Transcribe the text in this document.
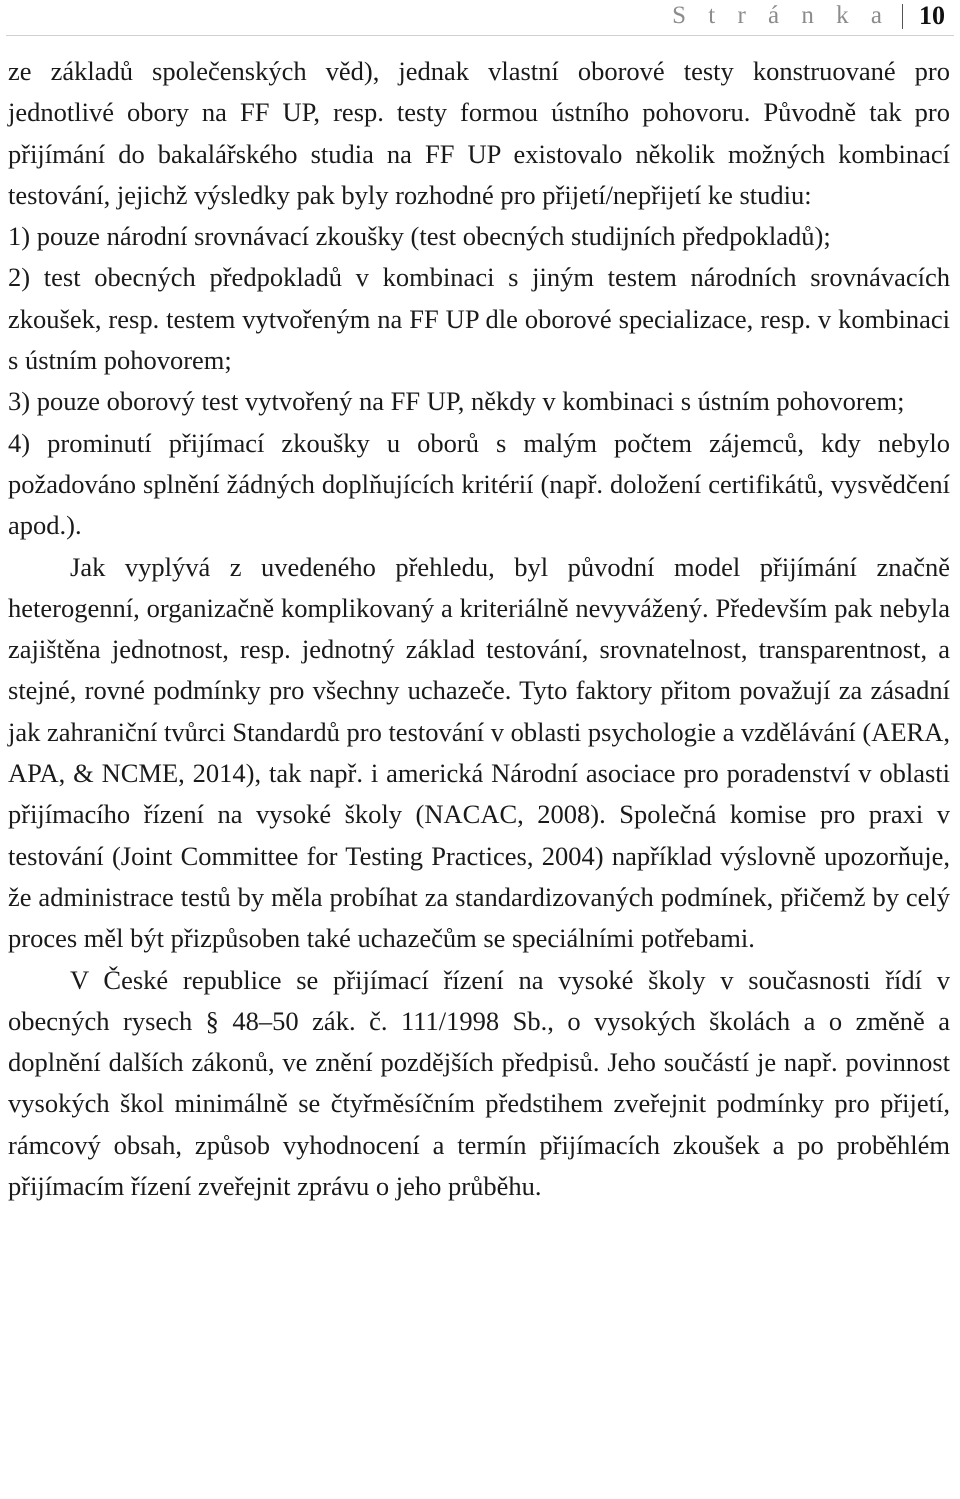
S t r á n k a 10

ze základů společenských věd), jednak vlastní oborové testy konstruované pro jednotlivé obory na FF UP, resp. testy formou ústního pohovoru. Původně tak pro přijímání do bakalářského studia na FF UP existovalo několik možných kombinací testování, jejichž výsledky pak byly rozhodné pro přijetí/nepřijetí ke studiu:

1) pouze národní srovnávací zkoušky (test obecných studijních předpokladů);

2) test obecných předpokladů v kombinaci s jiným testem národních srovnávacích zkoušek, resp. testem vytvořeným na FF UP dle oborové specializace, resp. v kombinaci s ústním pohovorem;

3) pouze oborový test vytvořený na FF UP, někdy v kombinaci s ústním pohovorem;

4) prominutí přijímací zkoušky u oborů s malým počtem zájemců, kdy nebylo požadováno splnění žádných doplňujících kritérií (např. doložení certifikátů, vysvědčení apod.).

Jak vyplývá z uvedeného přehledu, byl původní model přijímání značně heterogenní, organizačně komplikovaný a kriteriálně nevyvážený. Především pak nebyla zajištěna jednotnost, resp. jednotný základ testování, srovnatelnost, transparentnost, a stejné, rovné podmínky pro všechny uchazeče. Tyto faktory přitom považují za zásadní jak zahraniční tvůrci Standardů pro testování v oblasti psychologie a vzdělávání (AERA, APA, & NCME, 2014), tak např. i americká Národní asociace pro poradenství v oblasti přijímacího řízení na vysoké školy (NACAC, 2008). Společná komise pro praxi v testování (Joint Committee for Testing Practices, 2004) například výslovně upozorňuje, že administrace testů by měla probíhat za standardizovaných podmínek, přičemž by celý proces měl být přizpůsoben také uchazečům se speciálními potřebami.

V České republice se přijímací řízení na vysoké školy v současnosti řídí v obecných rysech § 48–50 zák. č. 111/1998 Sb., o vysokých školách a o změně a doplnění dalších zákonů, ve znění pozdějších předpisů. Jeho součástí je např. povinnost vysokých škol minimálně se čtyřměsíčním předstihem zveřejnit podmínky pro přijetí, rámcový obsah, způsob vyhodnocení a termín přijímacích zkoušek a po proběhlém přijímacím řízení zveřejnit zprávu o jeho průběhu.
